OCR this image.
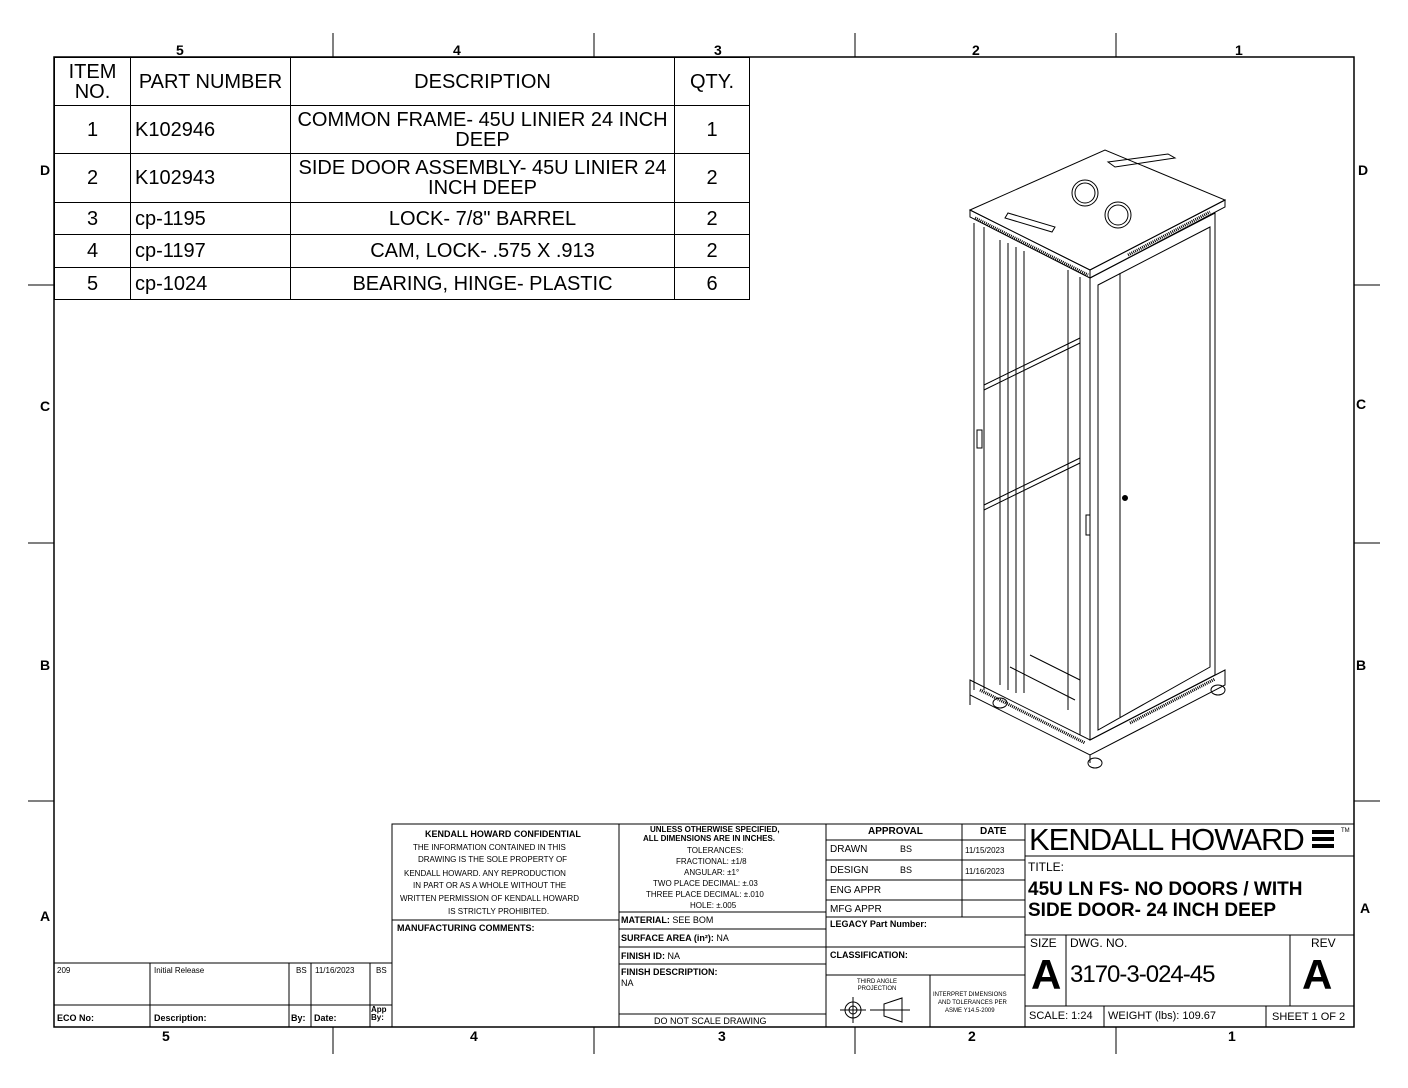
5	4	3	2	1
5	4	3	2	1
D
C
B
A
D
C
B
A
ITEM NO.	PART NUMBER	DESCRIPTION	QTY.
1	K102946	COMMON FRAME- 45U LINIER 24 INCH DEEP	1
2	K102943	SIDE DOOR ASSEMBLY- 45U LINIER 24 INCH DEEP	2
3	cp-1195	LOCK- 7/8" BARREL	2
4	cp-1197	CAM, LOCK- .575 X .913	2
5	cp-1024	BEARING, HINGE- PLASTIC	6
KENDALL HOWARD CONFIDENTIAL
THE INFORMATION CONTAINED IN THIS
DRAWING IS THE SOLE PROPERTY OF
KENDALL HOWARD. ANY REPRODUCTION
IN PART OR AS A WHOLE WITHOUT THE
WRITTEN PERMISSION OF KENDALL HOWARD
IS STRICTLY PROHIBITED.
MANUFACTURING COMMENTS:
UNLESS OTHERWISE SPECIFIED,
ALL DIMENSIONS ARE IN INCHES.
TOLERANCES:
FRACTIONAL: ±1/8
ANGULAR: ±1°
TWO PLACE DECIMAL: ±.03
THREE PLACE DECIMAL: ±.010
HOLE: ±.005
MATERIAL: SEE BOM
SURFACE AREA (in²): NA
FINISH ID: NA
FINISH DESCRIPTION:
NA
DO NOT SCALE DRAWING
APPROVAL	DATE
DRAWN	BS	11/15/2023
DESIGN	BS	11/16/2023
ENG APPR
MFG APPR
LEGACY Part Number:
CLASSIFICATION:
THIRD ANGLE PROJECTION
INTERPRET DIMENSIONS
AND TOLERANCES PER
ASME Y14.5-2009
KENDALL HOWARD	TM
TITLE:
45U LN FS- NO DOORS / WITH
SIDE DOOR- 24 INCH DEEP
SIZE
A
DWG. NO.
3170-3-024-45
REV
A
SCALE: 1:24 WEIGHT (lbs): 109.67	SHEET 1 OF 2
209	Initial Release	BS 11/16/2023	BS
ECO No:	Description:	By: Date:
App By:
